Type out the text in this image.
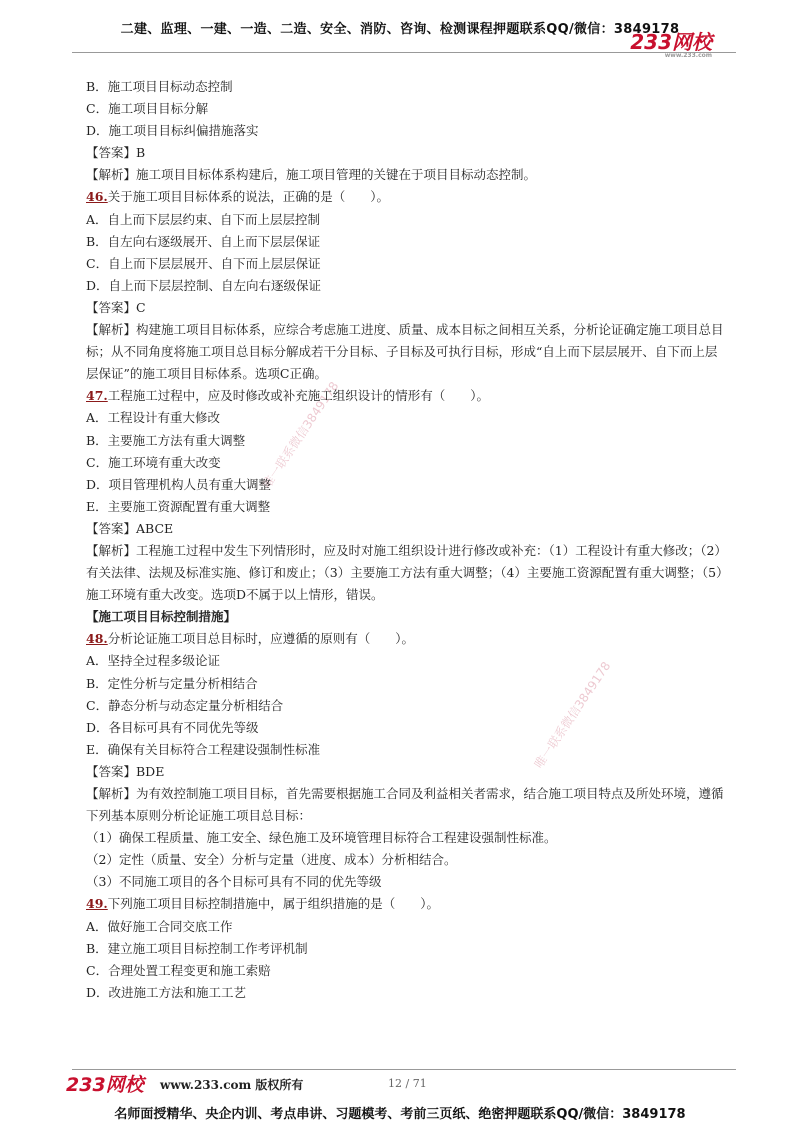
二建、监理、一建、一造、二造、安全、消防、咨询、检测课程押题联系QQ/微信：3849178
233网校
www.233.com
唯一联系微信3849178
唯一联系微信3849178
B．施工项目目标动态控制
C．施工项目目标分解
D．施工项目目标纠偏措施落实
【答案】B
【解析】施工项目目标体系构建后，施工项目管理的关键在于项目目标动态控制。
46.关于施工项目目标体系的说法，正确的是（　　）。
A．自上而下层层约束、自下而上层层控制
B．自左向右逐级展开、自上而下层层保证
C．自上而下层层展开、自下而上层层保证
D．自上而下层层控制、自左向右逐级保证
【答案】C
【解析】构建施工项目目标体系，应综合考虑施工进度、质量、成本目标之间相互关系，分析论证确定施工项目总目标；从不同角度将施工项目总目标分解成若干分目标、子目标及可执行目标，形成“自上而下层层展开、自下而上层层保证”的施工项目目标体系。选项C正确。
47.工程施工过程中，应及时修改或补充施工组织设计的情形有（　　）。
A．工程设计有重大修改
B．主要施工方法有重大调整
C．施工环境有重大改变
D．项目管理机构人员有重大调整
E．主要施工资源配置有重大调整
【答案】ABCE
【解析】工程施工过程中发生下列情形时，应及时对施工组织设计进行修改或补充：（1）工程设计有重大修改；（2）有关法律、法规及标准实施、修订和废止；（3）主要施工方法有重大调整；（4）主要施工资源配置有重大调整；（5）施工环境有重大改变。选项D不属于以上情形，错误。
【施工项目目标控制措施】
48.分析论证施工项目总目标时，应遵循的原则有（　　）。
A．坚持全过程多级论证
B．定性分析与定量分析相结合
C．静态分析与动态定量分析相结合
D．各目标可具有不同优先等级
E．确保有关目标符合工程建设强制性标准
【答案】BDE
【解析】为有效控制施工项目目标，首先需要根据施工合同及利益相关者需求，结合施工项目特点及所处环境，遵循下列基本原则分析论证施工项目总目标：
（1）确保工程质量、施工安全、绿色施工及环境管理目标符合工程建设强制性标准。
（2）定性（质量、安全）分析与定量（进度、成本）分析相结合。
（3）不同施工项目的各个目标可具有不同的优先等级
49.下列施工项目目标控制措施中，属于组织措施的是（　　）。
A．做好施工合同交底工作
B．建立施工项目目标控制工作考评机制
C．合理处置工程变更和施工索赔
D．改进施工方法和施工工艺
233网校 www.233.com 版权所有	12 / 71
名师面授精华、央企内训、考点串讲、习题模考、考前三页纸、绝密押题联系QQ/微信：3849178
